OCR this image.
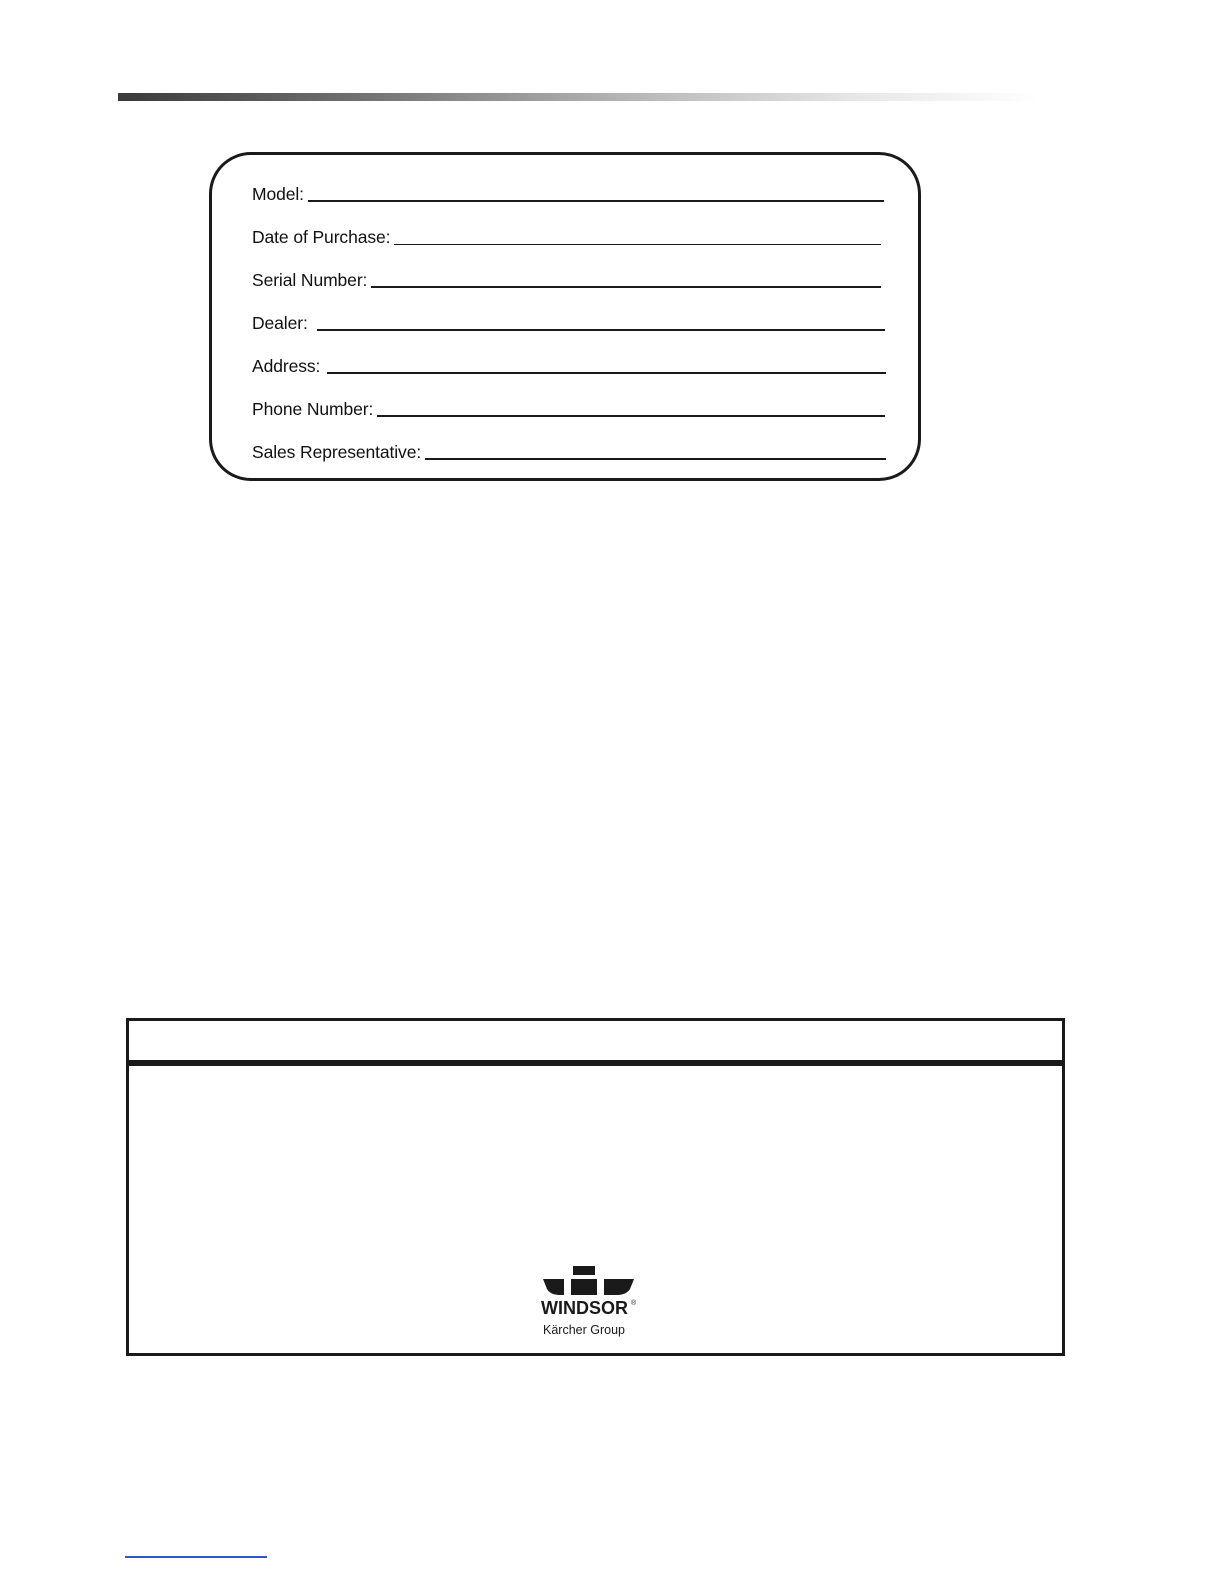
Model:
Date of Purchase:
Serial Number:
Dealer:
Address:
Phone Number:
Sales Representative:
WINDSOR ®
Kärcher Group
